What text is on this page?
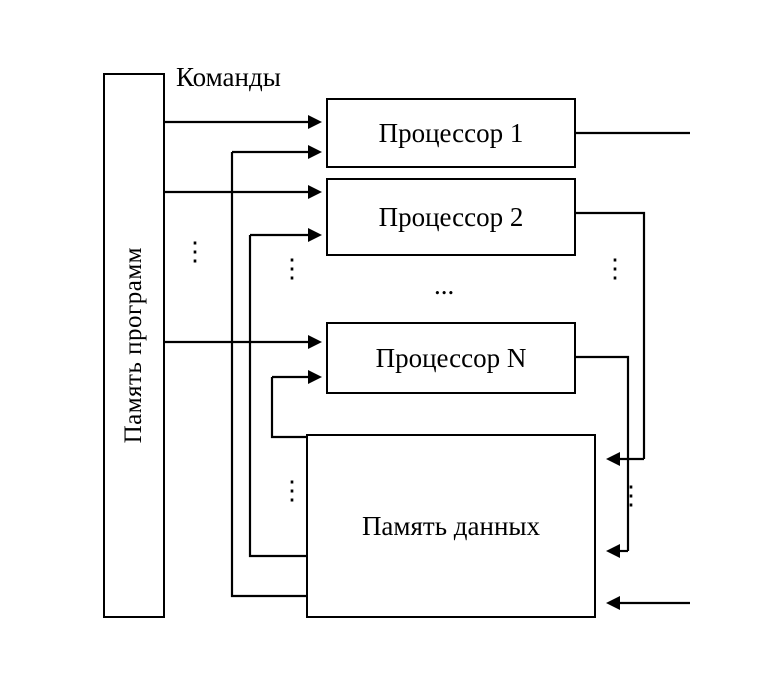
Память программ
Команды
Процессор 1
Процессор 2
Процессор N
Память данных
⋮
⋮
⋮
⋮
⋮
...
